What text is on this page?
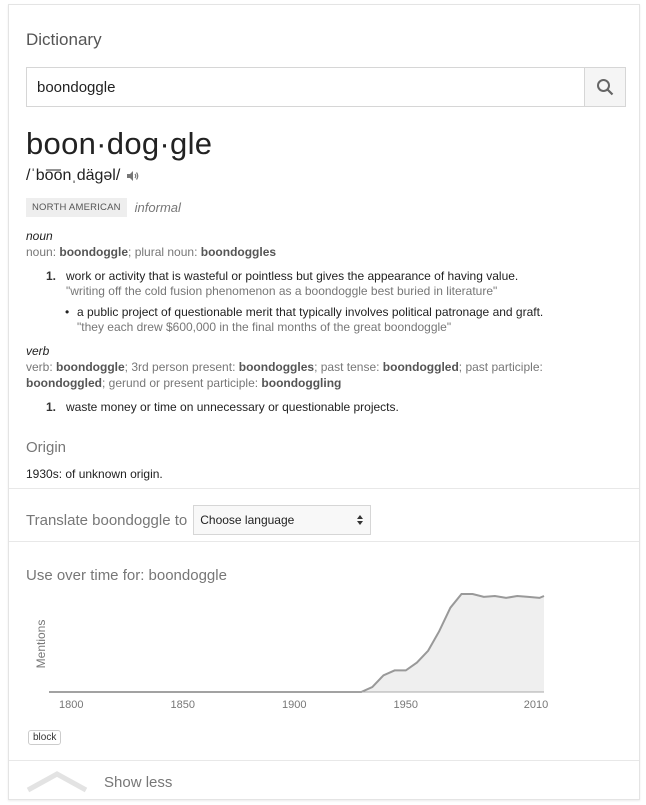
Dictionary
boondoggle
boon·dog·gle
/ˈbo͞onˌdägəl/
NORTH AMERICAN	informal
noun
noun: boondoggle; plural noun: boondoggles
1. work or activity that is wasteful or pointless but gives the appearance of having value.
"writing off the cold fusion phenomenon as a boondoggle best buried in literature"
• a public project of questionable merit that typically involves political patronage and graft.
"they each drew $600,000 in the final months of the great boondoggle"
verb
verb: boondoggle; 3rd person present: boondoggles; past tense: boondoggled; past participle: boondoggled; gerund or present participle: boondoggling
1. waste money or time on unnecessary or questionable projects.
Origin
1930s: of unknown origin.
Translate boondoggle to Choose language
Use over time for: boondoggle
Mentions
1800	1850	1900	1950	2010
block
Show less
